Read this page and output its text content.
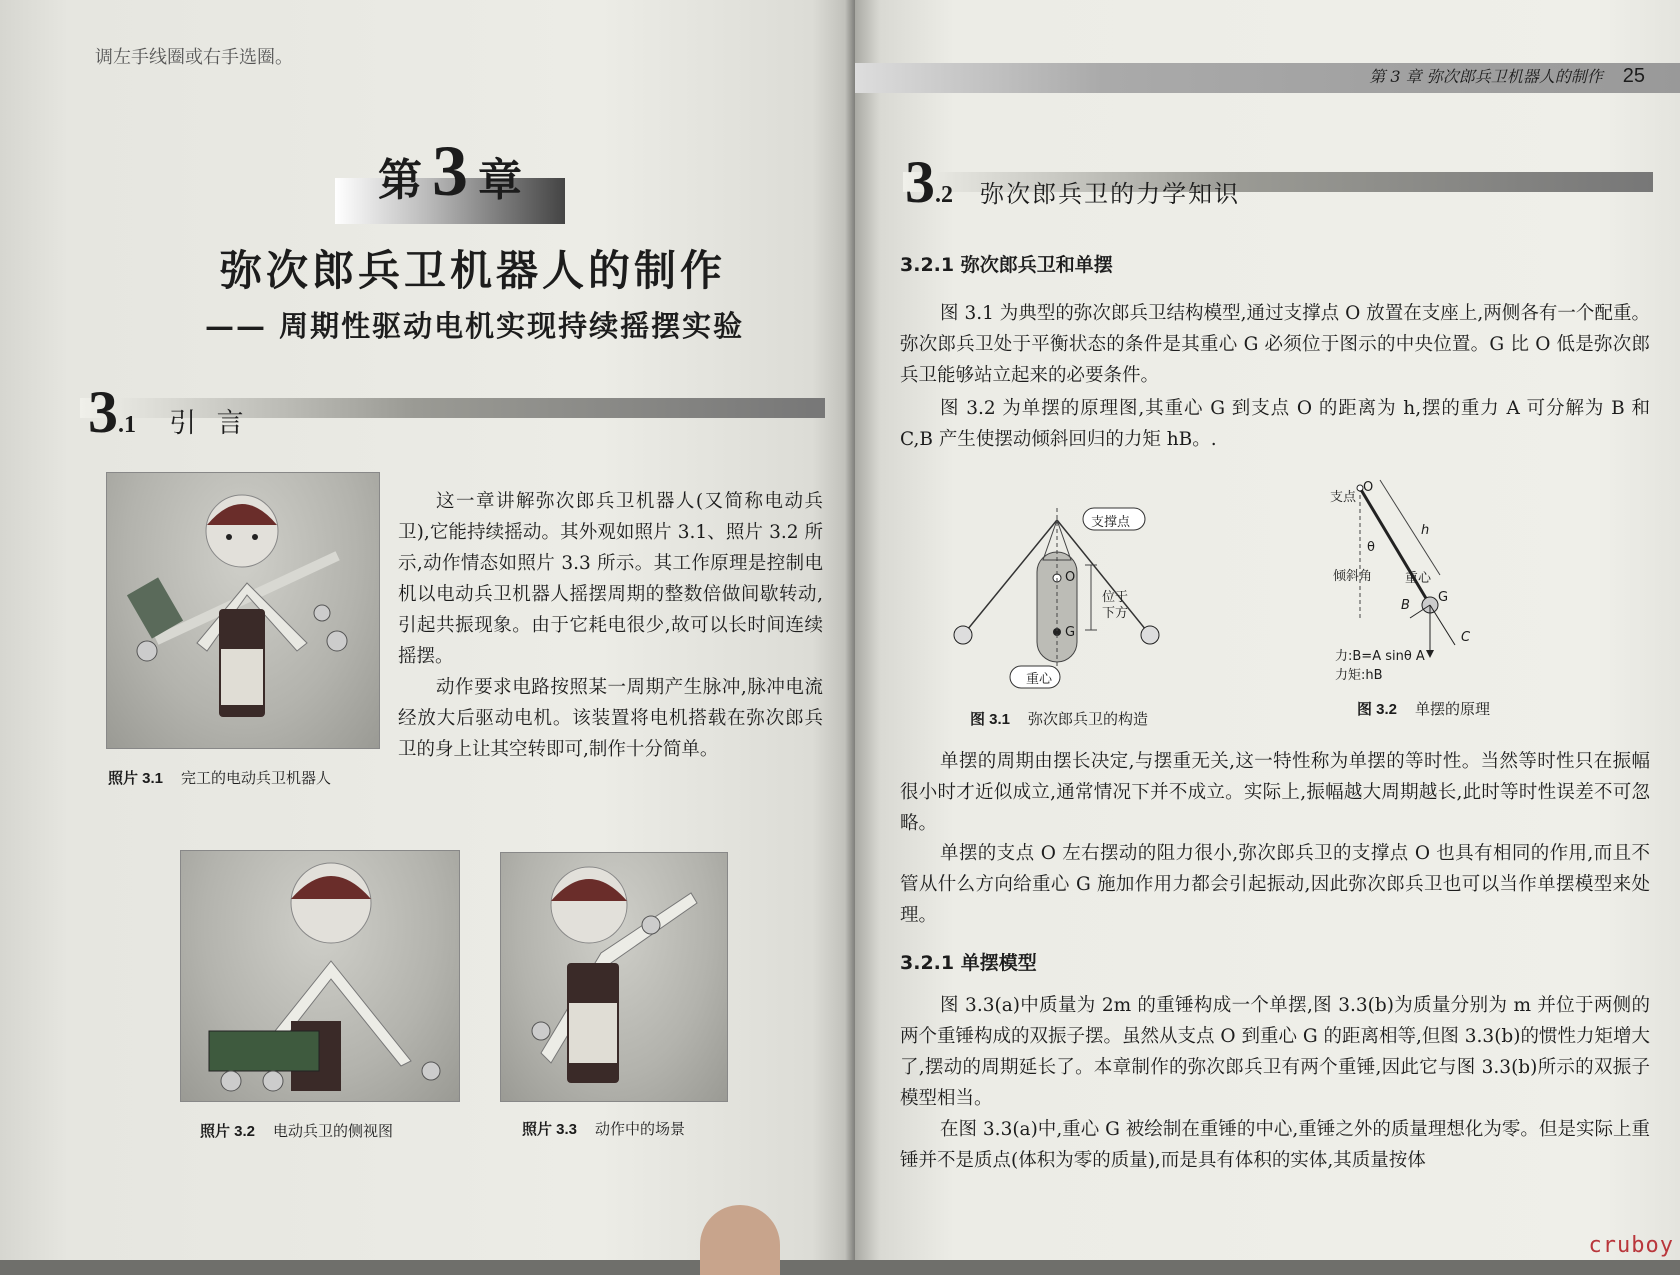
调左手线圈或右手选圈。
第3 章
弥次郎兵卫机器人的制作
—— 周期性驱动电机实现持续摇摆实验
3.1 引 言
照片 3.1 完工的电动兵卫机器人
这一章讲解弥次郎兵卫机器人(又简称电动兵卫),它能持续摇动。其外观如照片 3.1、照片 3.2 所示,动作情态如照片 3.3 所示。其工作原理是控制电机以电动兵卫机器人摇摆周期的整数倍做间歇转动,引起共振现象。由于它耗电很少,故可以长时间连续摇摆。
动作要求电路按照某一周期产生脉冲,脉冲电流经放大后驱动电机。该装置将电机搭载在弥次郎兵卫的身上让其空转即可,制作十分简单。
照片 3.2 电动兵卫的侧视图	照片 3.3 动作中的场景
第 3 章 弥次郎兵卫机器人的制作 25
3.2 弥次郎兵卫的力学知识
3.2.1 弥次郎兵卫和单摆
图 3.1 为典型的弥次郎兵卫结构模型,通过支撑点 O 放置在支座上,两侧各有一个配重。弥次郎兵卫处于平衡状态的条件是其重心 G 必须位于图示的中央位置。G 比 O 低是弥次郎兵卫能够站立起来的必要条件。
图 3.2 为单摆的原理图,其重心 G 到支点 O 的距离为 h,摆的重力 A 可分解为 B 和 C,B 产生使摆动倾斜回归的力矩 hB。.
支撑点
O
G
位于下方
重心
图 3.1 弥次郎兵卫的构造
支点
O
h
θ
倾斜角	重心
B
G
C
力:B=A sinθ A
力矩:hB
图 3.2 单摆的原理
单摆的周期由摆长决定,与摆重无关,这一特性称为单摆的等时性。当然等时性只在振幅很小时才近似成立,通常情况下并不成立。实际上,振幅越大周期越长,此时等时性误差不可忽略。
单摆的支点 O 左右摆动的阻力很小,弥次郎兵卫的支撑点 O 也具有相同的作用,而且不管从什么方向给重心 G 施加作用力都会引起振动,因此弥次郎兵卫也可以当作单摆模型来处理。
3.2.1 单摆模型
图 3.3(a)中质量为 2m 的重锤构成一个单摆,图 3.3(b)为质量分别为 m 并位于两侧的两个重锤构成的双振子摆。虽然从支点 O 到重心 G 的距离相等,但图 3.3(b)的惯性力矩增大了,摆动的周期延长了。本章制作的弥次郎兵卫有两个重锤,因此它与图 3.3(b)所示的双振子模型相当。
在图 3.3(a)中,重心 G 被绘制在重锤的中心,重锤之外的质量理想化为零。但是实际上重锤并不是质点(体积为零的质量),而是具有体积的实体,其质量按体
cruboy
